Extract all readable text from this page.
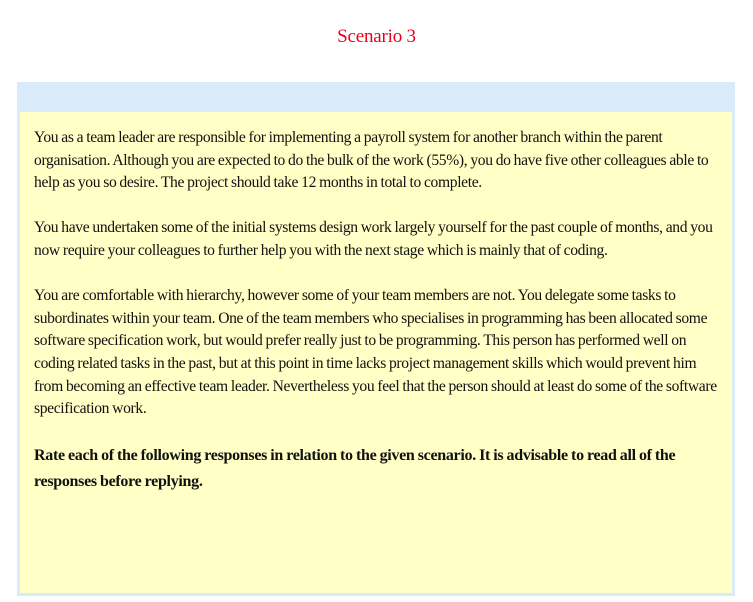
Scenario 3

You as a team leader are responsible for implementing a payroll system for another branch within the parent organisation. Although you are expected to do the bulk of the work (55%), you do have five other colleagues able to help as you so desire. The project should take 12 months in total to complete.

You have undertaken some of the initial systems design work largely yourself for the past couple of months, and you now require your colleagues to further help you with the next stage which is mainly that of coding.

You are comfortable with hierarchy, however some of your team members are not. You delegate some tasks to subordinates within your team. One of the team members who specialises in programming has been allocated some software specification work, but would prefer really just to be programming. This person has performed well on coding related tasks in the past, but at this point in time lacks project management skills which would prevent him from becoming an effective team leader. Nevertheless you feel that the person should at least do some of the software specification work.

Rate each of the following responses in relation to the given scenario. It is advisable to read all of the responses before replying.
